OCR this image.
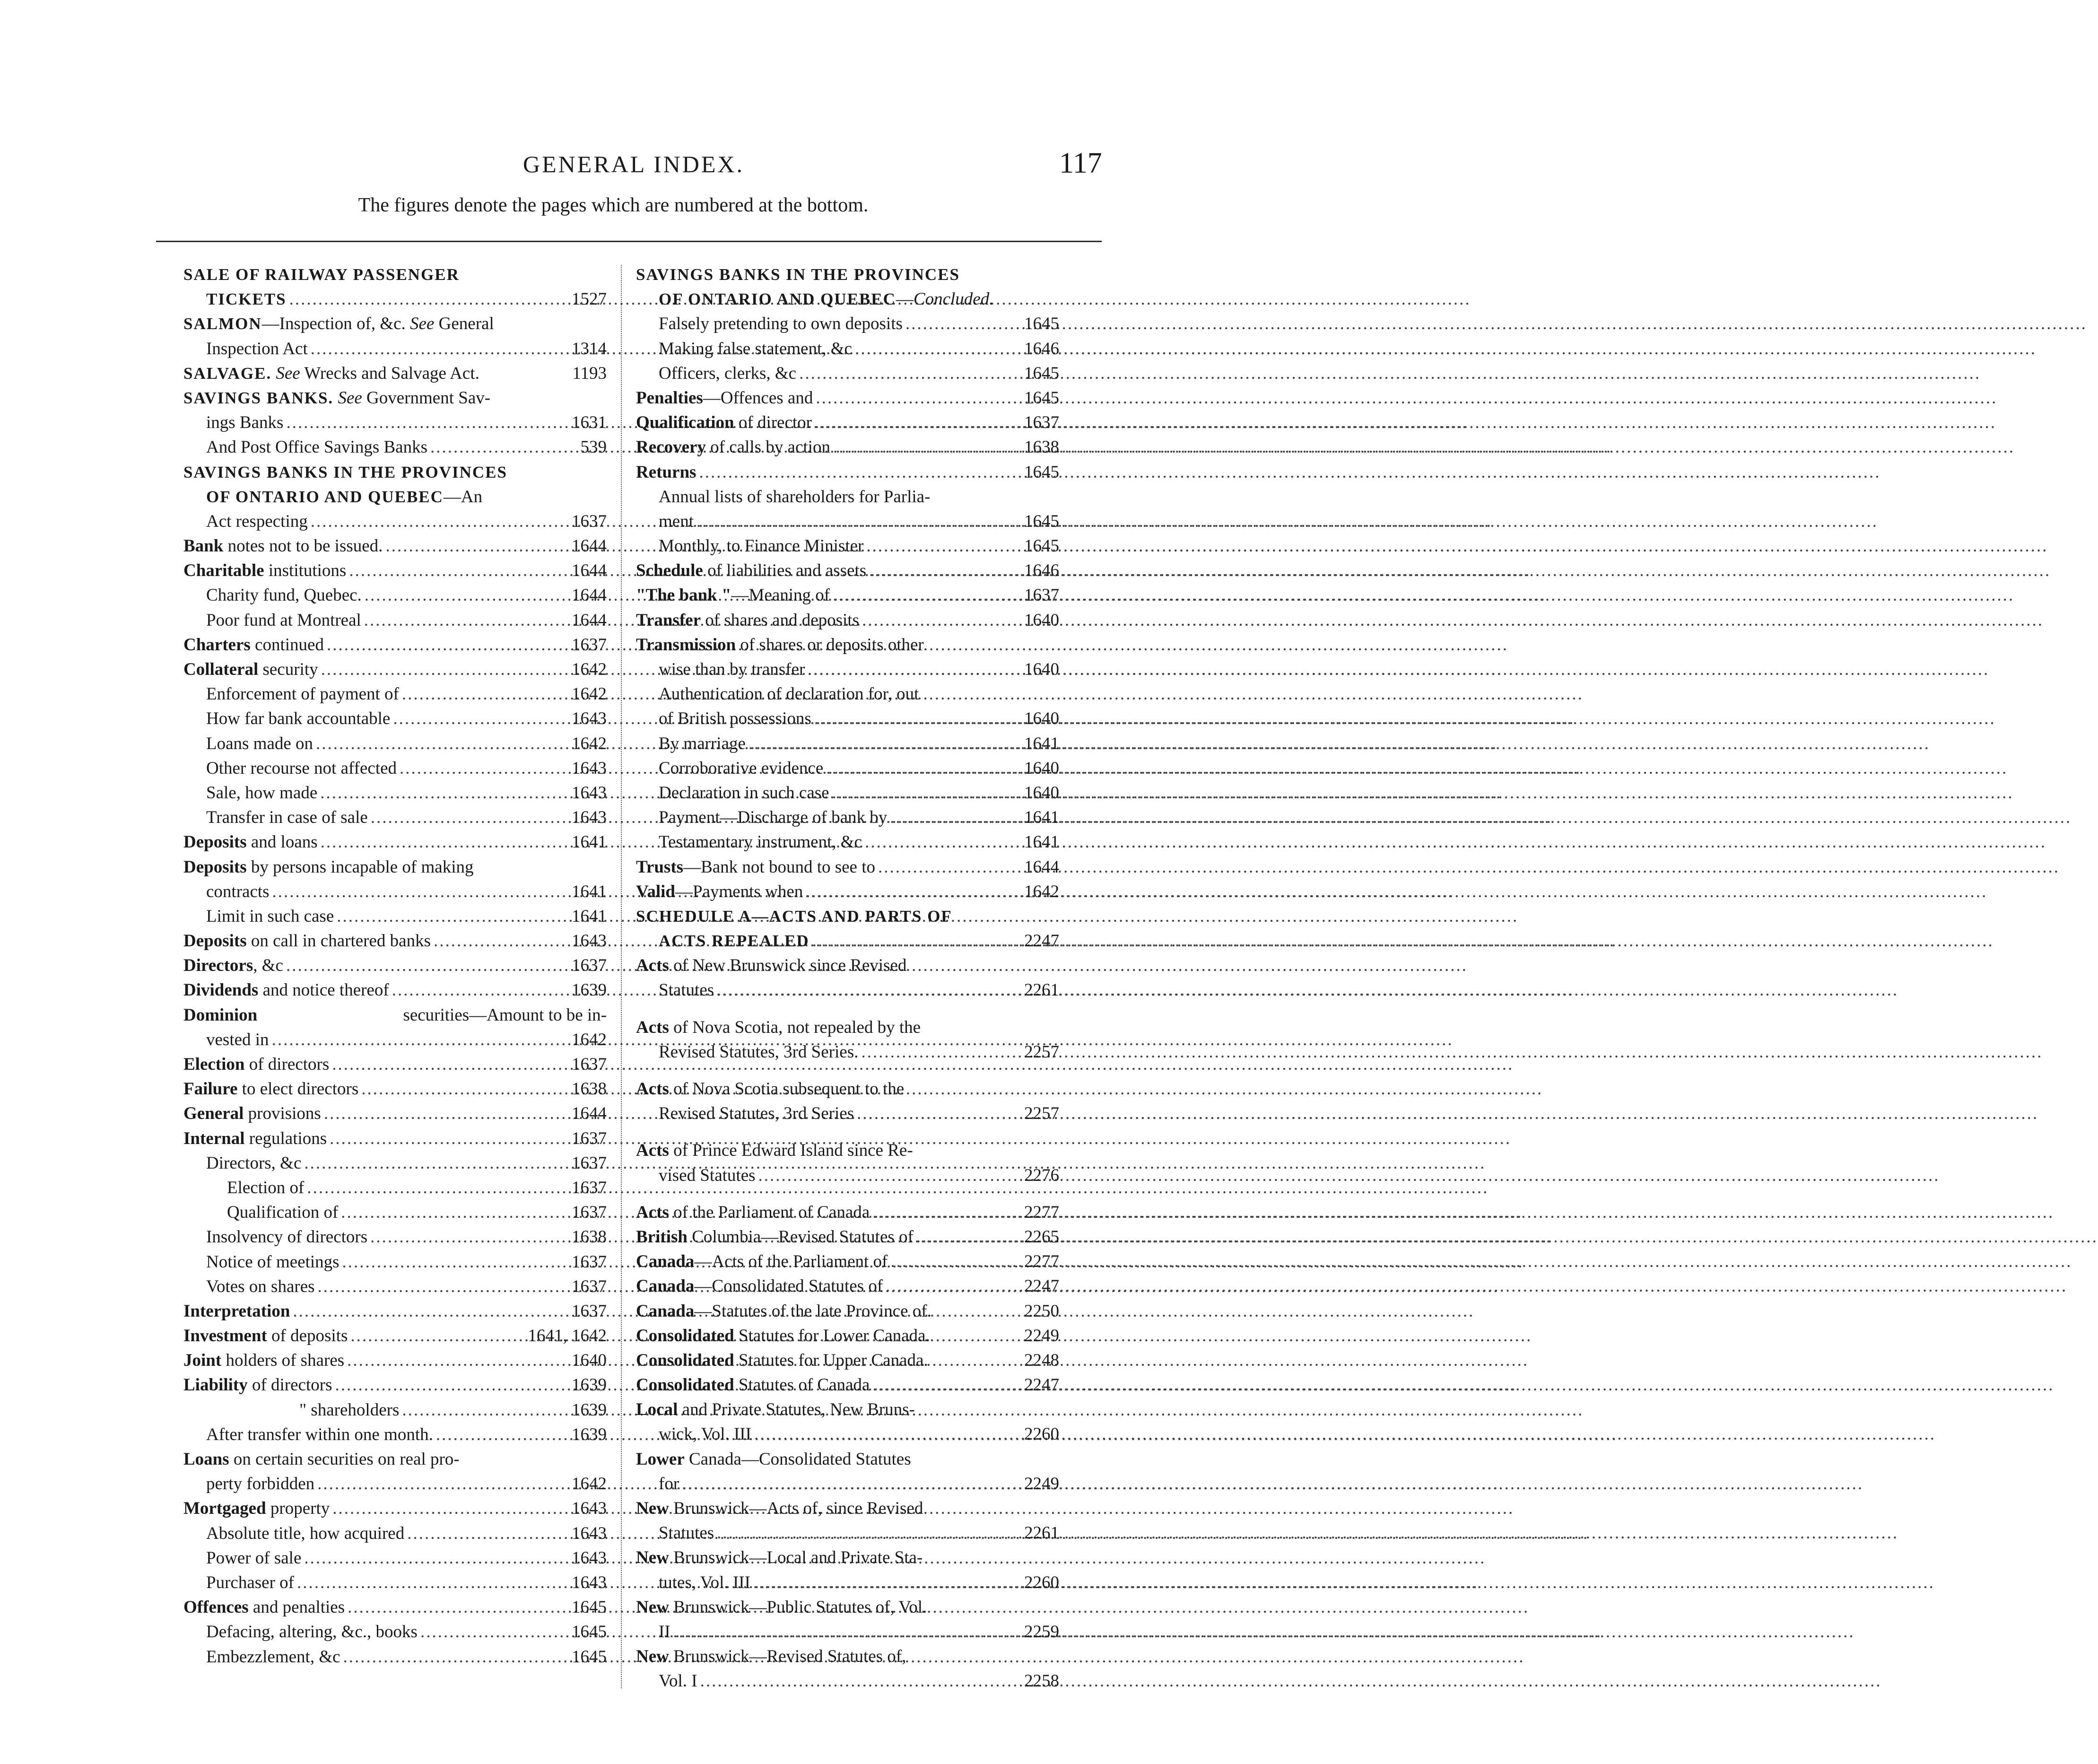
GENERAL INDEX.	117
The figures denote the pages which are numbered at the bottom.
SALE OF RAILWAY PASSENGER
TICKETS .....	1527
SALMON—Inspection of, &c. See General
Inspection Act .....	1314
SALVAGE. See Wrecks and Salvage Act.	1193
SAVINGS BANKS. See Government Sav-
ings Banks .....	1631
And Post Office Savings Banks .....	539
SAVINGS BANKS IN THE PROVINCES
OF ONTARIO AND QUEBEC—An
Act respecting .....	1637
Bank notes not to be issued. .....	1644
Charitable institutions .....	1644
Charity fund, Quebec. .....	1644
Poor fund at Montreal .....	1644
Charters continued .....	1637
Collateral security .....	1642
Enforcement of payment of .....	1642
How far bank accountable .....	1643
Loans made on .....	1642
Other recourse not affected .....	1643
Sale, how made .....	1643
Transfer in case of sale .....	1643
Deposits and loans .....	1641
Deposits by persons incapable of making
contracts .....	1641
Limit in such case .....	1641
Deposits on call in chartered banks .....	1643
Directors, &c .....	1637
Dividends and notice thereof .....	1639
Dominion	securities—Amount to be in-
vested in .....	1642
Election of directors .....	1637
Failure to elect directors .....	1638
General provisions .....	1644
Internal regulations .....	1637
Directors, &c .....	1637
Election of .....	1637
Qualification of .....	1637
Insolvency of directors .....	1638
Notice of meetings .....	1637
Votes on shares .....	1637
Interpretation .....	1637
Investment of deposits .....	1641, 1642
Joint holders of shares .....	1640
Liability of directors .....	1639
" shareholders .....	1639
After transfer within one month. .....	1639
Loans on certain securities on real pro-
perty forbidden .....	1642
Mortgaged property .....	1643
Absolute title, how acquired .....	1643
Power of sale .....	1643
Purchaser of .....	1643
Offences and penalties .....	1645
Defacing, altering, &c., books .....	1645
Embezzlement, &c .....	1645
SAVINGS BANKS IN THE PROVINCES
OF ONTARIO AND QUEBEC—Concluded.
Falsely pretending to own deposits .....	1645
Making false statement, &c .....	1646
Officers, clerks, &c .....	1645
Penalties—Offences and .....	1645
Qualification of director .....	1637
Recovery of calls by action .....	1638
Returns .....	1645
Annual lists of shareholders for Parlia-
ment .....	1645
Monthly, to Finance Minister .....	1645
Schedule of liabilities and assets .....	1646
"The bank "—Meaning of .....	1637
Transfer of shares and deposits .....	1640
Transmission of shares or deposits other
wise than by transfer .....	1640
Authentication of declaration for, out
of British possessions .....	1640
By marriage .....	1641
Corroborative evidence .....	1640
Declaration in such case .....	1640
Payment—Discharge of bank by .....	1641
Testamentary instrument, &c .....	1641
Trusts—Bank not bound to see to .....	1644
Valid—Payments when .....	1642
SCHEDULE A—ACTS AND PARTS OF
ACTS REPEALED .....	2247
Acts of New Brunswick since Revised
Statutes .....	2261
Acts of Nova Scotia, not repealed by the
Revised Statutes, 3rd Series. .....	2257
Acts of Nova Scotia subsequent to the
Revised Statutes, 3rd Series .....	2257
Acts of Prince Edward Island since Re-
vised Statutes .....	2276
Acts of the Parliament of Canada .....	2277
British Columbia—Revised Statutes of .....	2265
Canada—Acts of the Parliament of .....	2277
Canada—Consolidated Statutes of .....	2247
Canada—Statutes of the late Province of.	2250
Consolidated Statutes for Lower Canada.	2249
Consolidated Statutes for Upper Canada.	2248
Consolidated Statutes of Canada .....	2247
Local and Private Statutes, New Bruns-
wick, Vol. III .....	2260
Lower Canada—Consolidated Statutes
for .....	2249
New Brunswick—Acts of, since Revised
Statutes .....	2261
New Brunswick—Local and Private Sta-
tutes, Vol. III .....	2260
New Brunswick—Public Statutes of, Vol.
II .....	2259
New Brunswick—Revised Statutes of,
Vol. I .....	2258
